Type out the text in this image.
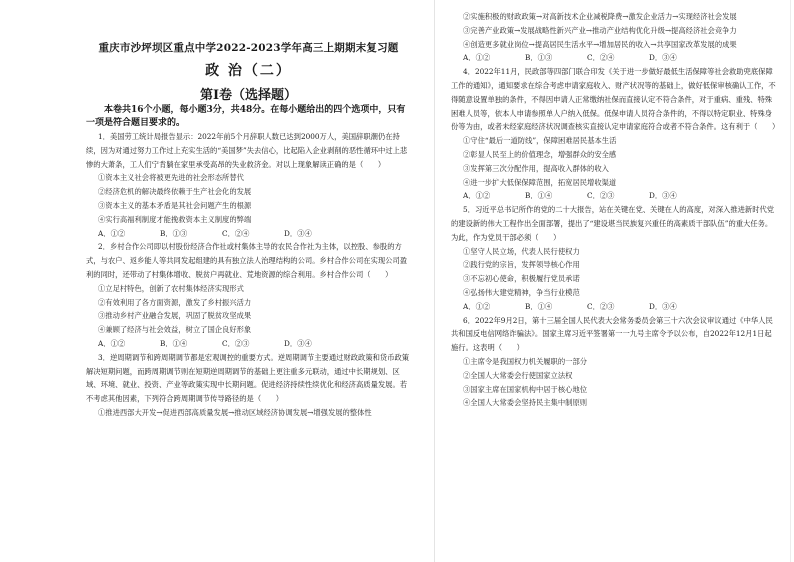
重庆市沙坪坝区重点中学2022-2023学年高三上期期末复习题
政 治（二）
第Ⅰ卷（选择题）
本卷共16个小题，每小题3分，共48分。在每小题给出的四个选项中，只有一项是符合题目要求的。

1．美国劳工统计局报告显示：2022年前5个月辞职人数已达到2000万人，美国辞职潮仍在持续，因为对通过努力工作过上充实生活的“美国梦”失去信心，比起陷入企业剥削的恶性循环中过上悲惨的大萧条，工人们宁肯躺在家里承受高昂的失业救济金。对以上现象解读正确的是（　　）

①资本主义社会将被更先进的社会形态所替代

②经济危机的解决最终依赖于生产社会化的发展

③资本主义的基本矛盾是其社会问题产生的根源

④实行高福利制度才能挽救资本主义制度的弊端

A．①②	B．①③	C．②④	D．③④

2．乡村合作公司即以村股份经济合作社或村集体主导的农民合作社为主体，以控股、参股的方式，与农户、返乡能人等共同发起组建的具有独立法人治理结构的公司。乡村合作公司在实现公司盈利的同时，还带动了村集体增收、脱贫户再就业、荒地资源的综合利用。乡村合作公司（　　）

①立足村特色，创新了农村集体经济实现形式

②有效利用了各方面资源，激发了乡村振兴活力

③推动乡村产业融合发展，巩固了脱贫攻坚成果

④兼顾了经济与社会效益，树立了国企良好形象

A．①②	B．①④	C．②③	D．③④

3．逆周期调节和跨周期调节都是宏观调控的重要方式。逆周期调节主要通过财政政策和货币政策解决短期问题，而跨周期调节则在短期逆周期调节的基础上更注重多元联动，通过中长期规划、区域、环境、就业、投资、产业等政策实现中长期问题。促进经济持续性续优化和经济高质量发展。若不考虑其他因素，下列符合跨周期调节传导路径的是（　　）

①推进西部大开发→促进西部高质量发展→推动区域经济协调发展→增强发展的整体性

②实施积极的财政政策→对高新技术企业减税降费→激发企业活力→实现经济社会发展

③完善产业政策→发展战略性新兴产业→推动产业结构优化升级→提高经济社会竞争力

④创造更多就业岗位→提高居民生活水平→增加居民的收入→共享国家改革发展的成果

A．①②	B．①③	C．②④	D．③④

4．2022年11月，民政部等四部门联合印发《关于进一步做好最低生活保障等社会救助兜底保障工作的通知》，通知要求在综合考虑申请家庭收入、财产状况等的基础上，做好低保审核确认工作，不得随意设置单独的条件，不得因申请人正常缴纳社保而直接认定不符合条件，对于重病、重残、特殊困难人员等，依本人申请参照单人户纳入低保。低保申请人员符合条件的，不得以特定职业、特殊身份等为由，或者未经家庭经济状况调查核实直接认定申请家庭符合或者不符合条件。这有利于（　　）

①守住“最后一道防线”，保障困难居民基本生活

②彰显人民至上的价值理念，增强群众的安全感

③发挥第三次分配作用，提高收入群体的收入

④进一步扩大低保保障范围，拓宽居民增收渠道

A．①②	B．①④	C．②③	D．③④

5．习近平总书记所作的党的二十大报告，站在关键在党、关键在人的高度，对深入推进新时代党的建设新的伟大工程作出全面部署，提出了“建设堪当民族复兴重任的高素质干部队伍”的重大任务。为此，作为党员干部必须（　　）

①坚守人民立场，代表人民行使权力

②践行党的宗旨，发挥领导核心作用

③不忘初心使命，积极履行党员承诺

④弘扬伟大建党精神，争当行业模范

A．①②	B．①④	C．②③	D．③④

6．2022年9月2日，第十三届全国人民代表大会常务委员会第三十六次会议审议通过《中华人民共和国反电信网络诈骗法》。国家主席习近平签署第一一九号主席令予以公布，自2022年12月1日起施行。这表明（　　）

①主席令是我国权力机关履职的一部分

②全国人大常委会行使国家立法权

③国家主席在国家机构中居于核心地位

④全国人大常委会坚持民主集中制原则
